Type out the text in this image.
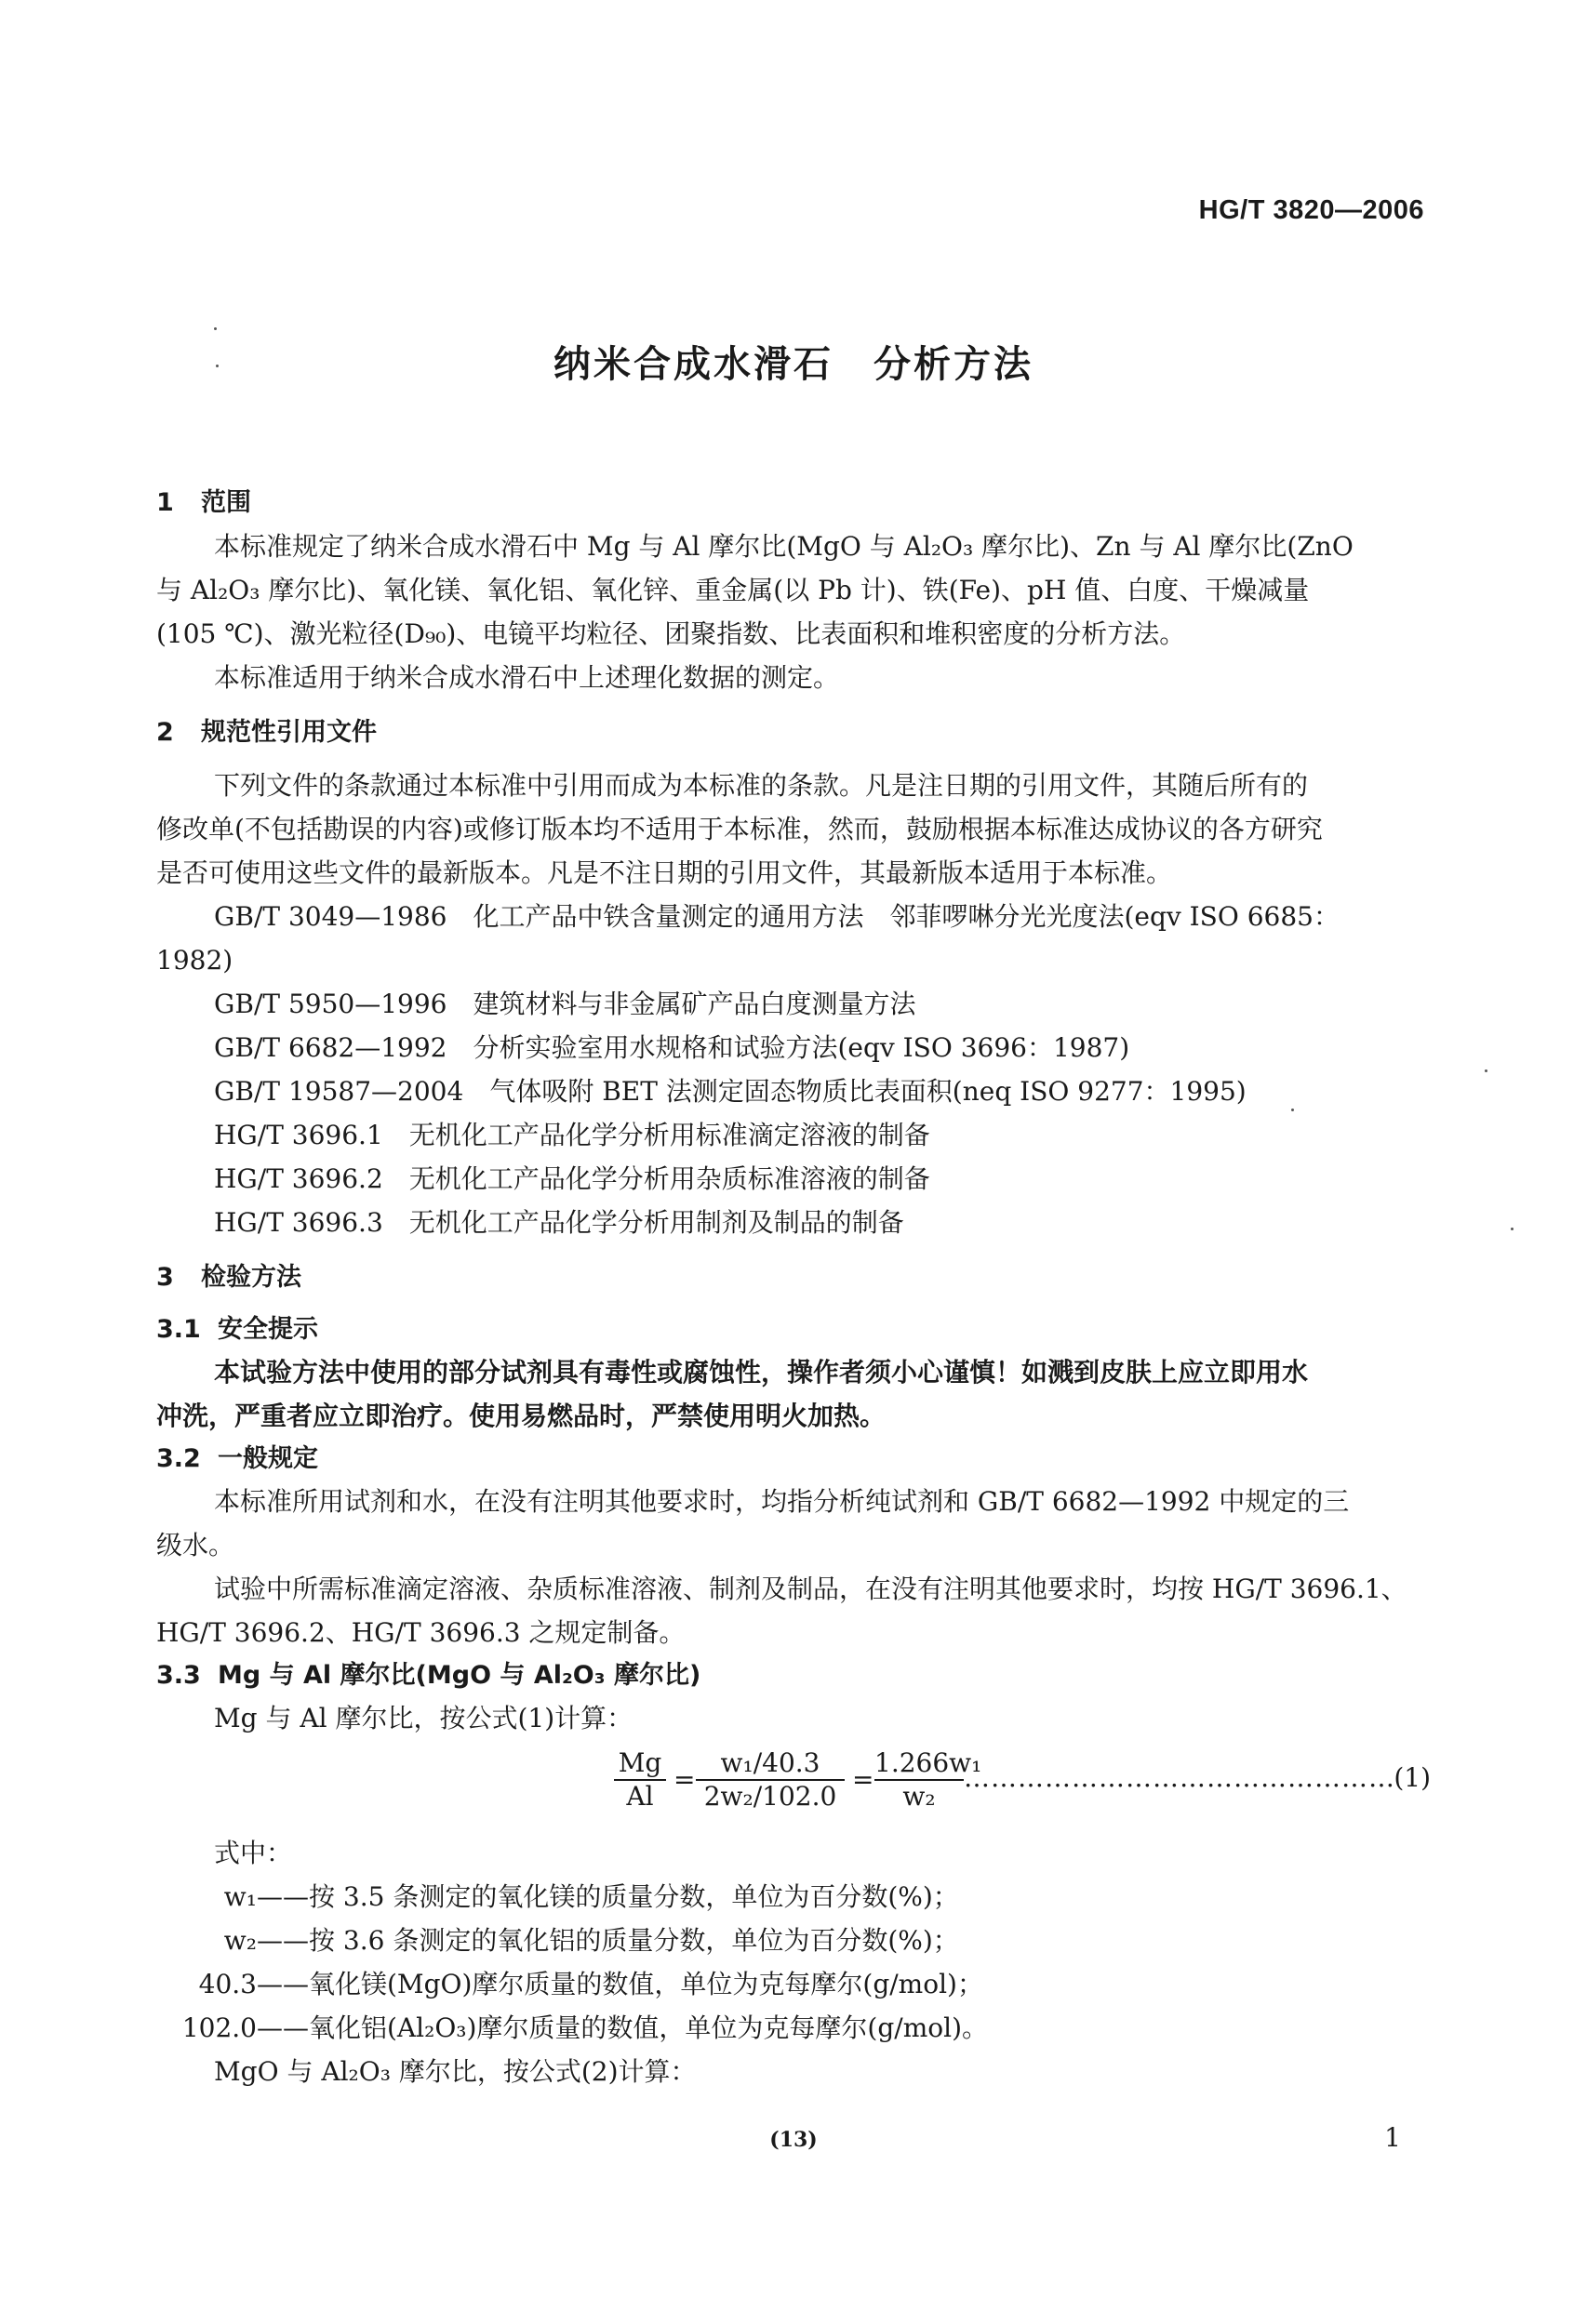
HG/T 3820—2006
纳米合成水滑石　分析方法
1 范围
本标准规定了纳米合成水滑石中 Mg 与 Al 摩尔比(MgO 与 Al₂O₃ 摩尔比)、Zn 与 Al 摩尔比(ZnO
与 Al₂O₃ 摩尔比)、氧化镁、氧化铝、氧化锌、重金属(以 Pb 计)、铁(Fe)、pH 值、白度、干燥减量
(105 ℃)、激光粒径(D₉₀)、电镜平均粒径、团聚指数、比表面积和堆积密度的分析方法。
本标准适用于纳米合成水滑石中上述理化数据的测定。
2 规范性引用文件
下列文件的条款通过本标准中引用而成为本标准的条款。凡是注日期的引用文件，其随后所有的
修改单(不包括勘误的内容)或修订版本均不适用于本标准，然而，鼓励根据本标准达成协议的各方研究
是否可使用这些文件的最新版本。凡是不注日期的引用文件，其最新版本适用于本标准。
GB/T 3049—1986　 化工产品中铁含量测定的通用方法　邻菲啰啉分光光度法(eqv ISO 6685：
1982)
GB/T 5950—1996　 建筑材料与非金属矿产品白度测量方法
GB/T 6682—1992　 分析实验室用水规格和试验方法(eqv ISO 3696：1987)
GB/T 19587—2004　 气体吸附 BET 法测定固态物质比表面积(neq ISO 9277：1995)
HG/T 3696.1　 无机化工产品化学分析用标准滴定溶液的制备
HG/T 3696.2　 无机化工产品化学分析用杂质标准溶液的制备
HG/T 3696.3　 无机化工产品化学分析用制剂及制品的制备
3 检验方法
3.1 安全提示
本试验方法中使用的部分试剂具有毒性或腐蚀性，操作者须小心谨慎！如溅到皮肤上应立即用水
冲洗，严重者应立即治疗。使用易燃品时，严禁使用明火加热。
3.2 一般规定
本标准所用试剂和水，在没有注明其他要求时，均指分析纯试剂和 GB/T 6682—1992 中规定的三
级水。
试验中所需标准滴定溶液、杂质标准溶液、制剂及制品，在没有注明其他要求时，均按 HG/T 3696.1、
HG/T 3696.2、HG/T 3696.3 之规定制备。
3.3 Mg 与 Al 摩尔比(MgO 与 Al₂O₃ 摩尔比)
Mg 与 Al 摩尔比，按公式(1)计算：
$\frac{Mg}{Al} = \frac{\text{w₁/40.3}}{\text{2w₂/102.0}} = \frac{\text{1.266w₁}}{\text{w₂}}$ …………………………………………
(1)
式中：
w₁——按 3.5 条测定的氧化镁的质量分数，单位为百分数(%)；
w₂——按 3.6 条测定的氧化铝的质量分数，单位为百分数(%)；
40.3——氧化镁(MgO)摩尔质量的数值，单位为克每摩尔(g/mol)；
102.0——氧化铝(Al₂O₃)摩尔质量的数值，单位为克每摩尔(g/mol)。
MgO 与 Al₂O₃ 摩尔比，按公式(2)计算：
(13)	1
